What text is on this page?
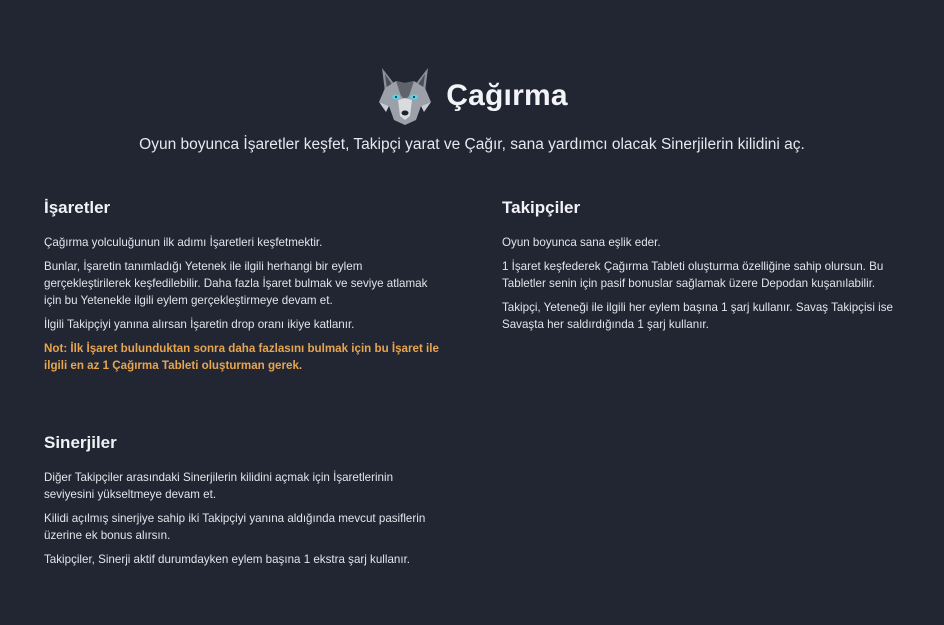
Çağırma
Oyun boyunca İşaretler keşfet, Takipçi yarat ve Çağır, sana yardımcı olacak Sinerjilerin kilidini aç.
İşaretler

Çağırma yolculuğunun ilk adımı İşaretleri keşfetmektir.

Bunlar, İşaretin tanımladığı Yetenek ile ilgili herhangi bir eylem gerçekleştirilerek keşfedilebilir. Daha fazla İşaret bulmak ve seviye atlamak için bu Yetenekle ilgili eylem gerçekleştirmeye devam et.

İlgili Takipçiyi yanına alırsan İşaretin drop oranı ikiye katlanır.

Not: İlk İşaret bulunduktan sonra daha fazlasını bulmak için bu İşaret ile ilgili en az 1 Çağırma Tableti oluşturman gerek.

Takipçiler

Oyun boyunca sana eşlik eder.

1 İşaret keşfederek Çağırma Tableti oluşturma özelliğine sahip olursun. Bu Tabletler senin için pasif bonuslar sağlamak üzere Depodan kuşanılabilir.

Takipçi, Yeteneği ile ilgili her eylem başına 1 şarj kullanır. Savaş Takipçisi ise Savaşta her saldırdığında 1 şarj kullanır.

Sinerjiler

Diğer Takipçiler arasındaki Sinerjilerin kilidini açmak için İşaretlerinin seviyesini yükseltmeye devam et.

Kilidi açılmış sinerjiye sahip iki Takipçiyi yanına aldığında mevcut pasiflerin üzerine ek bonus alırsın.

Takipçiler, Sinerji aktif durumdayken eylem başına 1 ekstra şarj kullanır.
